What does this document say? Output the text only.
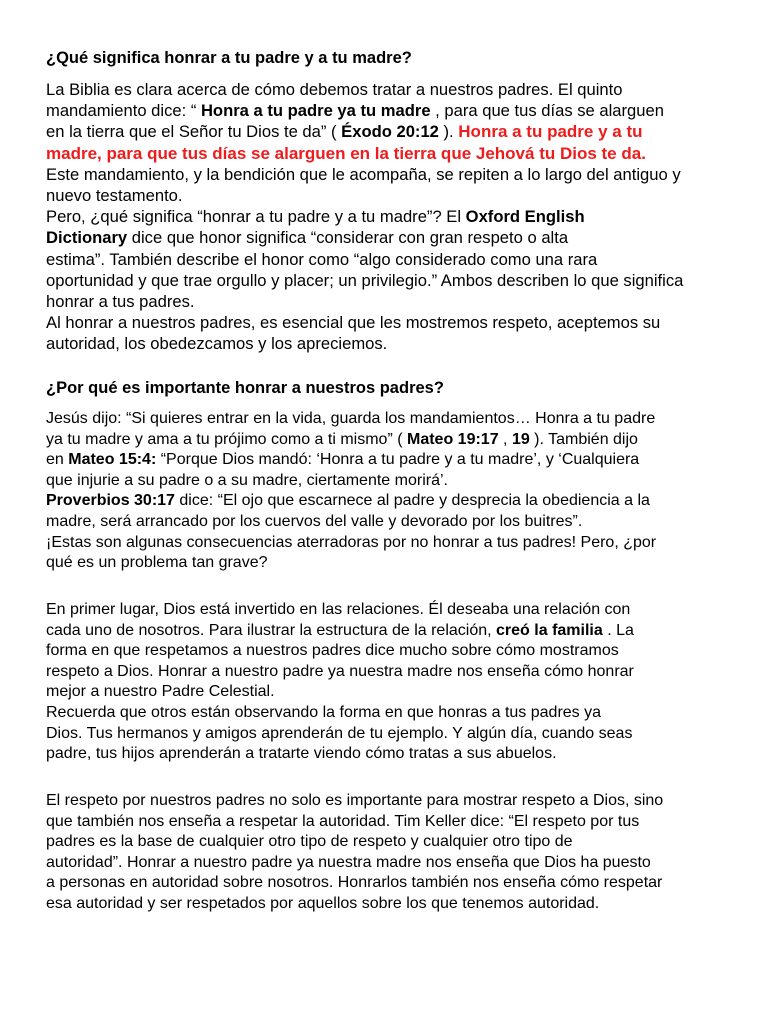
¿Qué significa honrar a tu padre y a tu madre?
La Biblia es clara acerca de cómo debemos tratar a nuestros padres. El quinto
mandamiento dice: “ Honra a tu padre ya tu madre , para que tus días se alarguen
en la tierra que el Señor tu Dios te da” ( Éxodo 20:12 ). Honra a tu padre y a tu
madre, para que tus días se alarguen en la tierra que Jehová tu Dios te da.
Este mandamiento, y la bendición que le acompaña, se repiten a lo largo del antiguo y
nuevo testamento.
Pero, ¿qué significa “honrar a tu padre y a tu madre”? El Oxford English
Dictionary dice que honor significa “considerar con gran respeto o alta
estima”. También describe el honor como “algo considerado como una rara
oportunidad y que trae orgullo y placer; un privilegio.” Ambos describen lo que significa
honrar a tus padres.
Al honrar a nuestros padres, es esencial que les mostremos respeto, aceptemos su
autoridad, los obedezcamos y los apreciemos.
¿Por qué es importante honrar a nuestros padres?
Jesús dijo: “Si quieres entrar en la vida, guarda los mandamientos… Honra a tu padre
ya tu madre y ama a tu prójimo como a ti mismo” ( Mateo 19:17 , 19 ). También dijo
en Mateo 15:4: “Porque Dios mandó: ‘Honra a tu padre y a tu madre’, y ‘Cualquiera
que injurie a su padre o a su madre, ciertamente morirá’.
Proverbios 30:17 dice: “El ojo que escarnece al padre y desprecia la obediencia a la
madre, será arrancado por los cuervos del valle y devorado por los buitres”.
¡Estas son algunas consecuencias aterradoras por no honrar a tus padres! Pero, ¿por
qué es un problema tan grave?
En primer lugar, Dios está invertido en las relaciones. Él deseaba una relación con
cada uno de nosotros. Para ilustrar la estructura de la relación, creó la familia . La
forma en que respetamos a nuestros padres dice mucho sobre cómo mostramos
respeto a Dios. Honrar a nuestro padre ya nuestra madre nos enseña cómo honrar
mejor a nuestro Padre Celestial.
Recuerda que otros están observando la forma en que honras a tus padres ya
Dios. Tus hermanos y amigos aprenderán de tu ejemplo. Y algún día, cuando seas
padre, tus hijos aprenderán a tratarte viendo cómo tratas a sus abuelos.
El respeto por nuestros padres no solo es importante para mostrar respeto a Dios, sino
que también nos enseña a respetar la autoridad. Tim Keller dice: “El respeto por tus
padres es la base de cualquier otro tipo de respeto y cualquier otro tipo de
autoridad”. Honrar a nuestro padre ya nuestra madre nos enseña que Dios ha puesto
a personas en autoridad sobre nosotros. Honrarlos también nos enseña cómo respetar
esa autoridad y ser respetados por aquellos sobre los que tenemos autoridad.
